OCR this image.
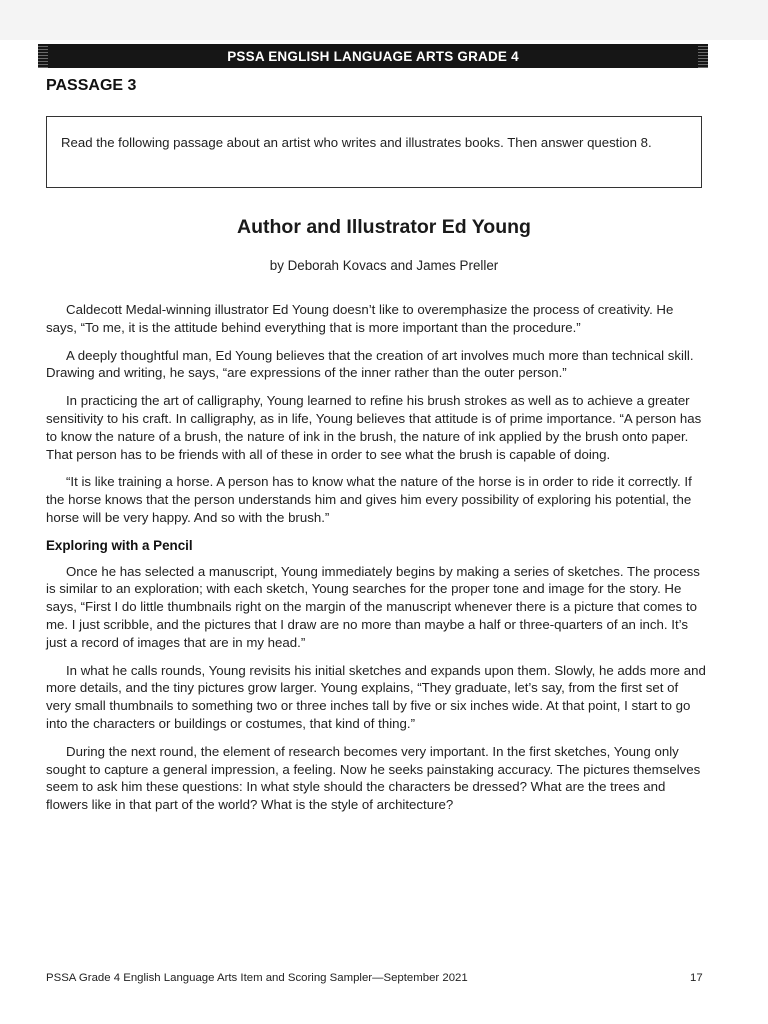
PSSA ENGLISH LANGUAGE ARTS GRADE 4
PASSAGE 3
Read the following passage about an artist who writes and illustrates books. Then answer question 8.
Author and Illustrator Ed Young
by Deborah Kovacs and James Preller

Caldecott Medal-winning illustrator Ed Young doesn’t like to overemphasize the process of creativity. He says, “To me, it is the attitude behind everything that is more important than the procedure.”

A deeply thoughtful man, Ed Young believes that the creation of art involves much more than technical skill. Drawing and writing, he says, “are expressions of the inner rather than the outer person.”

In practicing the art of calligraphy, Young learned to refine his brush strokes as well as to achieve a greater sensitivity to his craft. In calligraphy, as in life, Young believes that attitude is of prime importance. “A person has to know the nature of a brush, the nature of ink in the brush, the nature of ink applied by the brush onto paper. That person has to be friends with all of these in order to see what the brush is capable of doing.

“It is like training a horse. A person has to know what the nature of the horse is in order to ride it correctly. If the horse knows that the person understands him and gives him every possibility of exploring his potential, the horse will be very happy. And so with the brush.”

Exploring with a Pencil

Once he has selected a manuscript, Young immediately begins by making a series of sketches. The process is similar to an exploration; with each sketch, Young searches for the proper tone and image for the story. He says, “First I do little thumbnails right on the margin of the manuscript whenever there is a picture that comes to me. I just scribble, and the pictures that I draw are no more than maybe a half or three-quarters of an inch. It’s just a record of images that are in my head.”

In what he calls rounds, Young revisits his initial sketches and expands upon them. Slowly, he adds more and more details, and the tiny pictures grow larger. Young explains, “They graduate, let’s say, from the first set of very small thumbnails to something two or three inches tall by five or six inches wide. At that point, I start to go into the characters or buildings or costumes, that kind of thing.”

During the next round, the element of research becomes very important. In the first sketches, Young only sought to capture a general impression, a feeling. Now he seeks painstaking accuracy. The pictures themselves seem to ask him these questions: In what style should the characters be dressed? What are the trees and flowers like in that part of the world? What is the style of architecture?

PSSA Grade 4 English Language Arts Item and Scoring Sampler—September 2021	17
